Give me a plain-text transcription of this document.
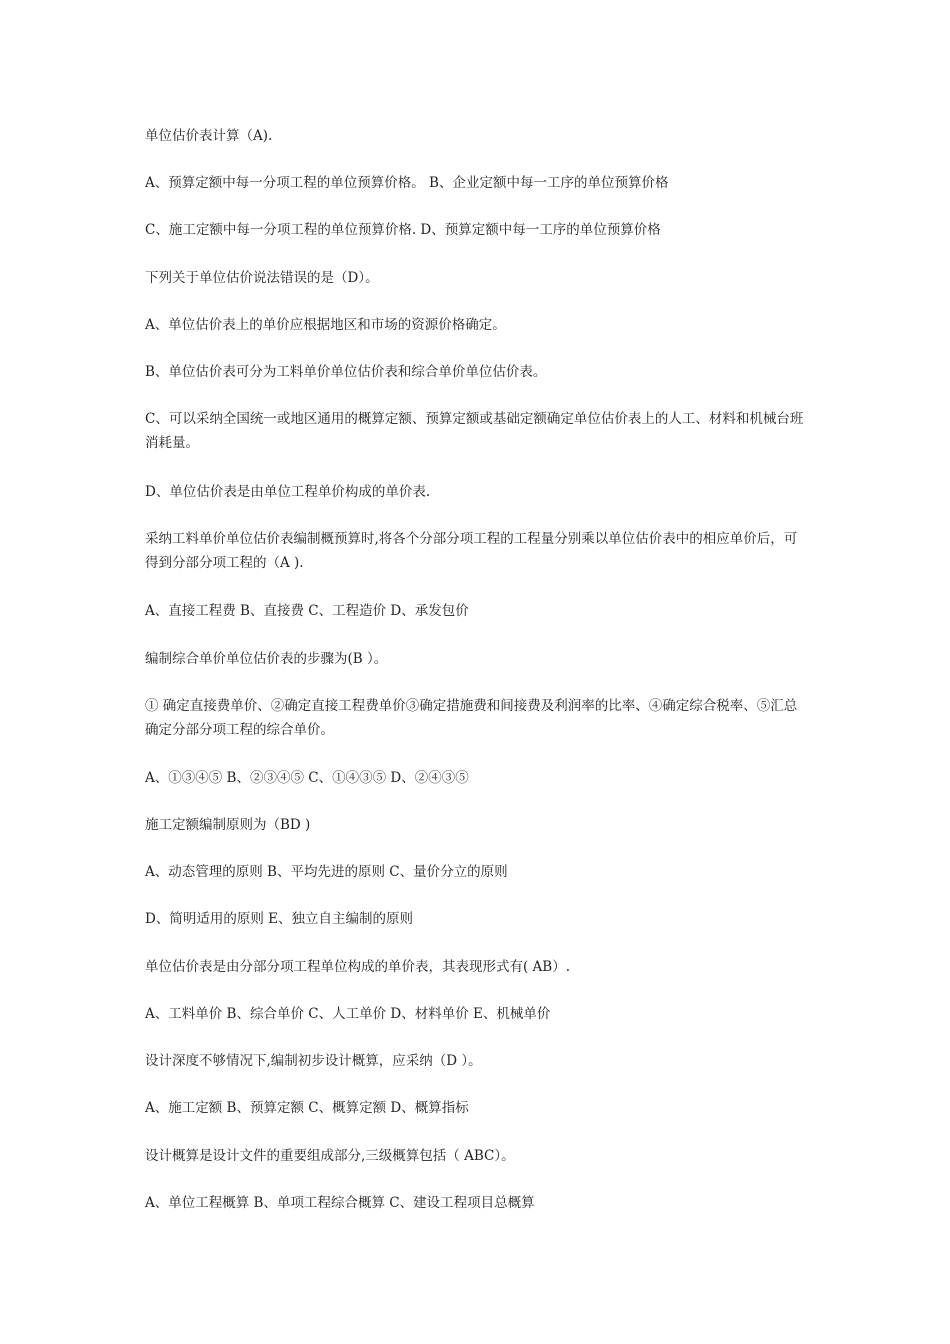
单位估价表计算（A).

A、预算定额中每一分项工程的单位预算价格。 B、企业定额中每一工序的单位预算价格

C、施工定额中每一分项工程的单位预算价格. D、预算定额中每一工序的单位预算价格

下列关于单位估价说法错误的是（D）。

A、单位估价表上的单价应根据地区和市场的资源价格确定。

B、单位估价表可分为工料单价单位估价表和综合单价单位估价表。

C、可以采纳全国统一或地区通用的概算定额、预算定额或基础定额确定单位估价表上的人工、材料和机械台班消耗量。

D、单位估价表是由单位工程单价构成的单价表.

采纳工料单价单位估价表编制概预算时,将各个分部分项工程的工程量分别乘以单位估价表中的相应单价后，可得到分部分项工程的（A ).

A、直接工程费 B、直接费 C、工程造价 D、承发包价

编制综合单价单位估价表的步骤为(B ）。

① 确定直接费单价、②确定直接工程费单价③确定措施费和间接费及利润率的比率、④确定综合税率、⑤汇总确定分部分项工程的综合单价。

A、①③④⑤ B、②③④⑤ C、①④③⑤ D、②④③⑤

施工定额编制原则为（BD )

A、动态管理的原则 B、平均先进的原则 C、量价分立的原则

D、简明适用的原则 E、独立自主编制的原则

单位估价表是由分部分项工程单位构成的单价表，其表现形式有( AB）.

A、工料单价 B、综合单价 C、人工单价 D、材料单价 E、机械单价

设计深度不够情况下,编制初步设计概算，应采纳（D ）。

A、施工定额 B、预算定额 C、概算定额 D、概算指标

设计概算是设计文件的重要组成部分,三级概算包括（ ABC）。

A、单位工程概算 B、单项工程综合概算 C、建设工程项目总概算
